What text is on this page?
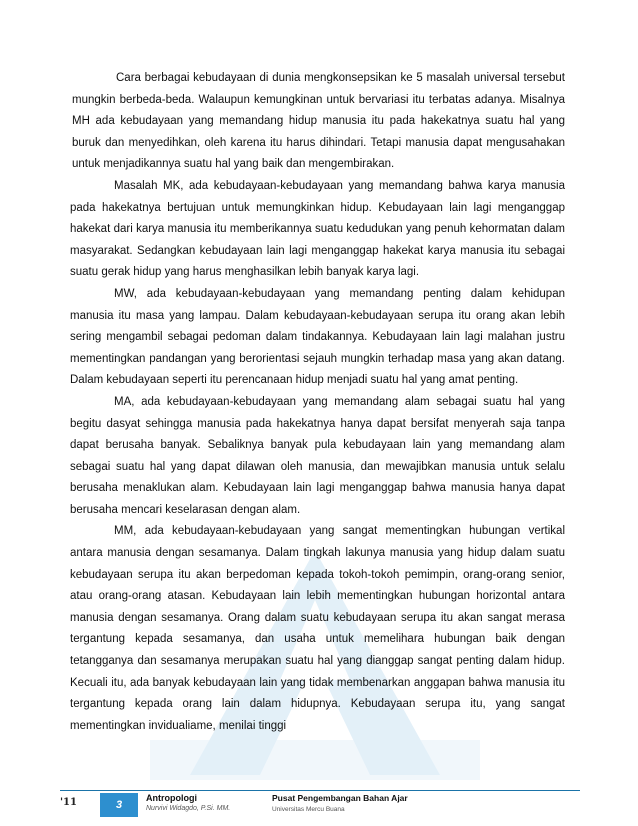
Cara berbagai kebudayaan di dunia mengkonsepsikan ke 5 masalah universal tersebut mungkin berbeda-beda. Walaupun kemungkinan untuk bervariasi itu terbatas adanya. Misalnya MH ada kebudayaan yang memandang hidup manusia itu pada hakekatnya suatu hal yang buruk dan menyedihkan, oleh karena itu harus dihindari. Tetapi manusia dapat mengusahakan untuk menjadikannya suatu hal yang baik dan mengembirakan.

Masalah MK, ada kebudayaan-kebudayaan yang memandang bahwa karya manusia pada hakekatnya bertujuan untuk memungkinkan hidup. Kebudayaan lain lagi menganggap hakekat dari karya manusia itu memberikannya suatu kedudukan yang penuh kehormatan dalam masyarakat. Sedangkan kebudayaan lain lagi menganggap hakekat karya manusia itu sebagai suatu gerak hidup yang harus menghasilkan lebih banyak karya lagi.

MW, ada kebudayaan-kebudayaan yang memandang penting dalam kehidupan manusia itu masa yang lampau. Dalam kebudayaan-kebudayaan serupa itu orang akan lebih sering mengambil sebagai pedoman dalam tindakannya. Kebudayaan lain lagi malahan justru mementingkan pandangan yang berorientasi sejauh mungkin terhadap masa yang akan datang. Dalam kebudayaan seperti itu perencanaan hidup menjadi suatu hal yang amat penting.

MA, ada kebudayaan-kebudayaan yang memandang alam sebagai suatu hal yang begitu dasyat sehingga manusia pada hakekatnya hanya dapat bersifat menyerah saja tanpa dapat berusaha banyak. Sebaliknya banyak pula kebudayaan lain yang memandang alam sebagai suatu hal yang dapat dilawan oleh manusia, dan mewajibkan manusia untuk selalu berusaha menaklukan alam. Kebudayaan lain lagi menganggap bahwa manusia hanya dapat berusaha mencari keselarasan dengan alam.

MM, ada kebudayaan-kebudayaan yang sangat mementingkan hubungan vertikal antara manusia dengan sesamanya. Dalam tingkah lakunya manusia yang hidup dalam suatu kebudayaan serupa itu akan berpedoman kepada tokoh-tokoh pemimpin, orang-orang senior, atau orang-orang atasan. Kebudayaan lain lebih mementingkan hubungan horizontal antara manusia dengan sesamanya. Orang dalam suatu kebudayaan serupa itu akan sangat merasa tergantung kepada sesamanya, dan usaha untuk memelihara hubungan baik dengan tetangganya dan sesamanya merupakan suatu hal yang dianggap sangat penting dalam hidup. Kecuali itu, ada banyak kebudayaan lain yang tidak membenarkan anggapan bahwa manusia itu tergantung kepada orang lain dalam hidupnya. Kebudayaan serupa itu, yang sangat mementingkan invidualiame, menilai tinggi

'11	3
Antropologi
Nurvivi Widagdo, P.Si. MM.
Pusat Pengembangan Bahan Ajar
Universitas Mercu Buana
